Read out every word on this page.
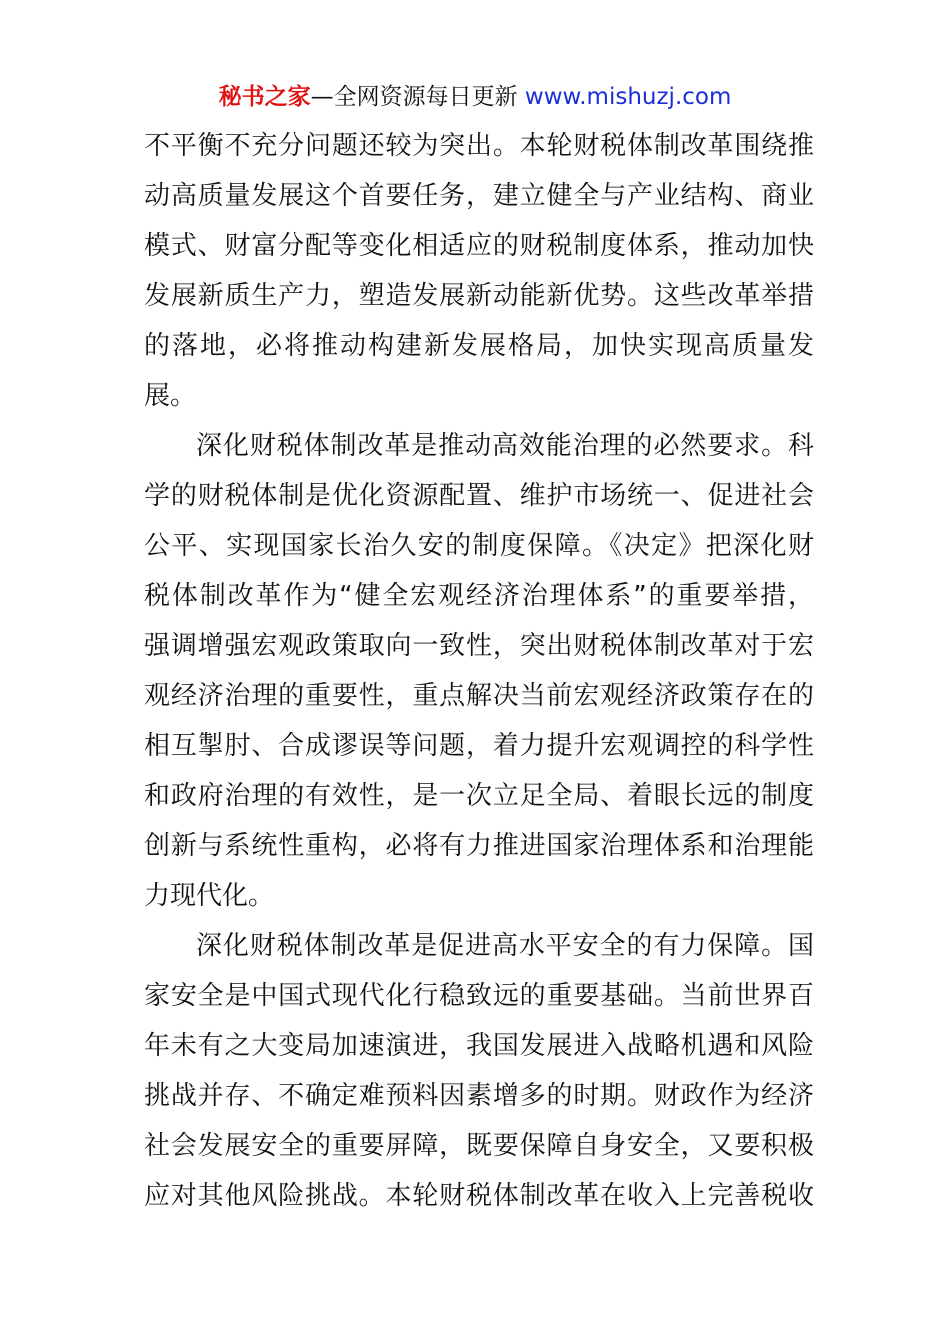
秘书之家—全网资源每日更新 www.mishuzj.com
不平衡不充分问题还较为突出。本轮财税体制改革围绕推
动高质量发展这个首要任务，建立健全与产业结构、商业
模式、财富分配等变化相适应的财税制度体系，推动加快
发展新质生产力，塑造发展新动能新优势。这些改革举措
的落地，必将推动构建新发展格局，加快实现高质量发
展。
深化财税体制改革是推动高效能治理的必然要求。科
学的财税体制是优化资源配置、维护市场统一、促进社会
公平、实现国家长治久安的制度保障。《决定》把深化财
税体制改革作为“健全宏观经济治理体系”的重要举措，
强调增强宏观政策取向一致性，突出财税体制改革对于宏
观经济治理的重要性，重点解决当前宏观经济政策存在的
相互掣肘、合成谬误等问题，着力提升宏观调控的科学性
和政府治理的有效性，是一次立足全局、着眼长远的制度
创新与系统性重构，必将有力推进国家治理体系和治理能
力现代化。
深化财税体制改革是促进高水平安全的有力保障。国
家安全是中国式现代化行稳致远的重要基础。当前世界百
年未有之大变局加速演进，我国发展进入战略机遇和风险
挑战并存、不确定难预料因素增多的时期。财政作为经济
社会发展安全的重要屏障，既要保障自身安全，又要积极
应对其他风险挑战。本轮财税体制改革在收入上完善税收
